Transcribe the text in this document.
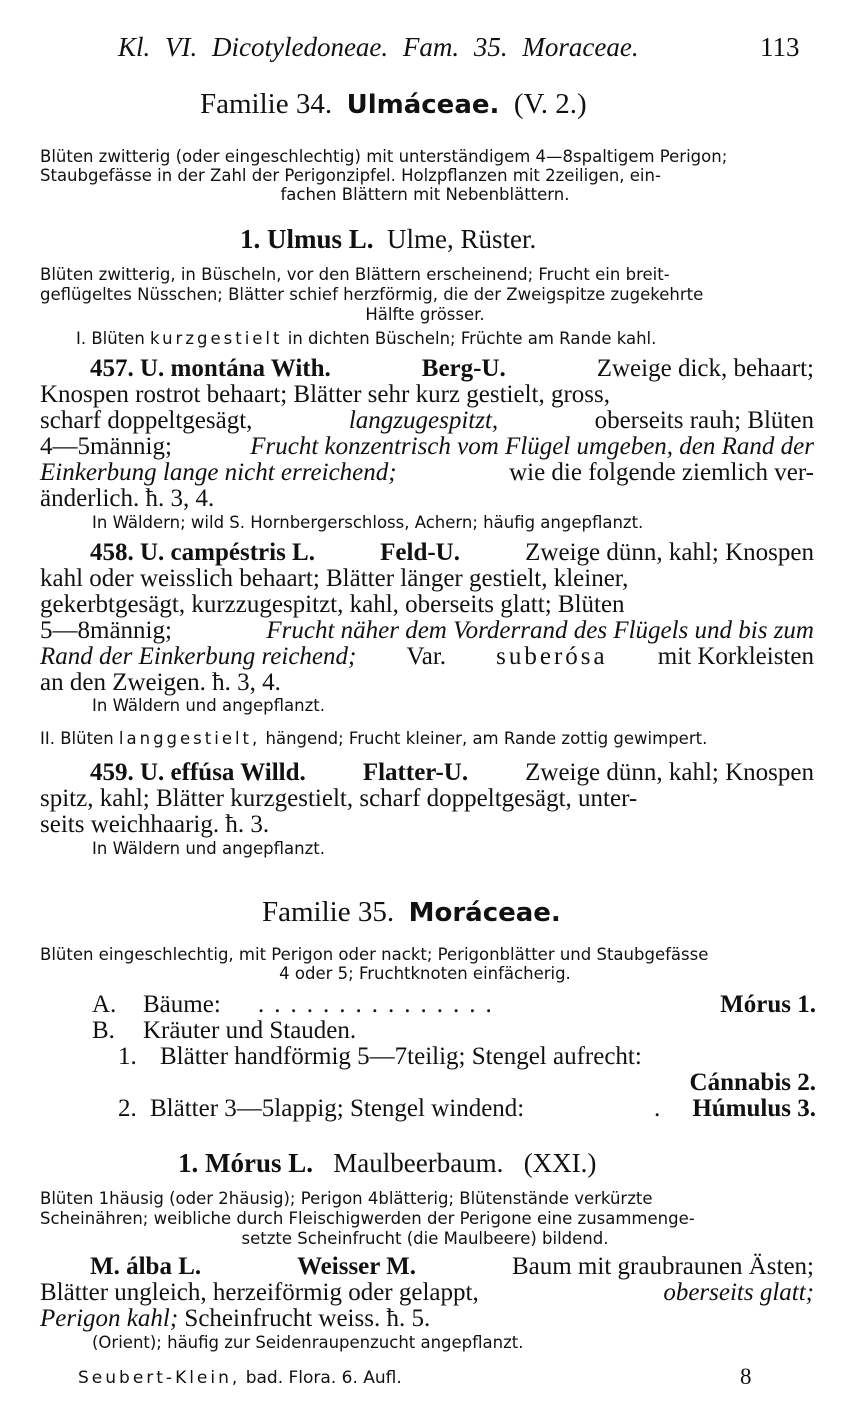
Kl. VI. Dicotyledoneae. Fam. 35. Moraceae.	113
Familie 34. Ulmáceae. (V. 2.)
Blüten zwitterig (oder eingeschlechtig) mit unterständigem 4—8spaltigem Perigon;
Staubgefässe in der Zahl der Perigonzipfel. Holzpflanzen mit 2zeiligen, ein-
fachen Blättern mit Nebenblättern.
1. Ulmus L. Ulme, Rüster.
Blüten zwitterig, in Büscheln, vor den Blättern erscheinend; Frucht ein breit-
geflügeltes Nüsschen; Blätter schief herzförmig, die der Zweigspitze zugekehrte
Hälfte grösser.
I. Blüten kurzgestielt in dichten Büscheln; Früchte am Rande kahl.
457. U. montána With.	Berg-U.	Zweige dick, behaart;
Knospen rostrot behaart; Blätter sehr kurz gestielt, gross,
scharf doppeltgesägt,	langzugespitzt,	oberseits rauh; Blüten
4—5männig;	Frucht konzentrisch vom Flügel umgeben, den Rand der
Einkerbung lange nicht erreichend;	wie die folgende ziemlich ver-
änderlich. ħ. 3, 4.
In Wäldern; wild S. Hornbergerschloss, Achern; häufig angepflanzt.
458. U. campéstris L.	Feld-U.	Zweige dünn, kahl; Knospen
kahl oder weisslich behaart; Blätter länger gestielt, kleiner,
gekerbtgesägt, kurzzugespitzt, kahl, oberseits glatt; Blüten
5—8männig;	Frucht näher dem Vorderrand des Flügels und bis zum
Rand der Einkerbung reichend; Var. suberósa mit Korkleisten
an den Zweigen. ħ. 3, 4.
In Wäldern und angepflanzt.
II. Blüten langgestielt, hängend; Frucht kleiner, am Rande zottig gewimpert.
459. U. effúsa Willd. Flatter-U. Zweige dünn, kahl; Knospen
spitz, kahl; Blätter kurzgestielt, scharf doppeltgesägt, unter-
seits weichhaarig. ħ. 3.
In Wäldern und angepflanzt.
Familie 35. Moráceae.
Blüten eingeschlechtig, mit Perigon oder nackt; Perigonblätter und Staubgefässe
4 oder 5; Fruchtknoten einfächerig.
A. Bäume: ...............	Mórus 1.
B. Kräuter und Stauden.
1. Blätter handförmig 5—7teilig; Stengel aufrecht:
Cánnabis 2.
2. Blätter 3—5lappig; Stengel windend:	.	Húmulus 3.
1. Mórus L. Maulbeerbaum. (XXI.)
Blüten 1häusig (oder 2häusig); Perigon 4blätterig; Blütenstände verkürzte
Scheinähren; weibliche durch Fleischigwerden der Perigone eine zusammenge-
setzte Scheinfrucht (die Maulbeere) bildend.
M. álba L.	Weisser M.	Baum mit graubraunen Ästen;
Blätter ungleich, herzeiförmig oder gelappt,	oberseits glatt;
Perigon kahl; Scheinfrucht weiss. ħ. 5.
(Orient); häufig zur Seidenraupenzucht angepflanzt.
Seubert-Klein, bad. Flora. 6. Aufl.	8
